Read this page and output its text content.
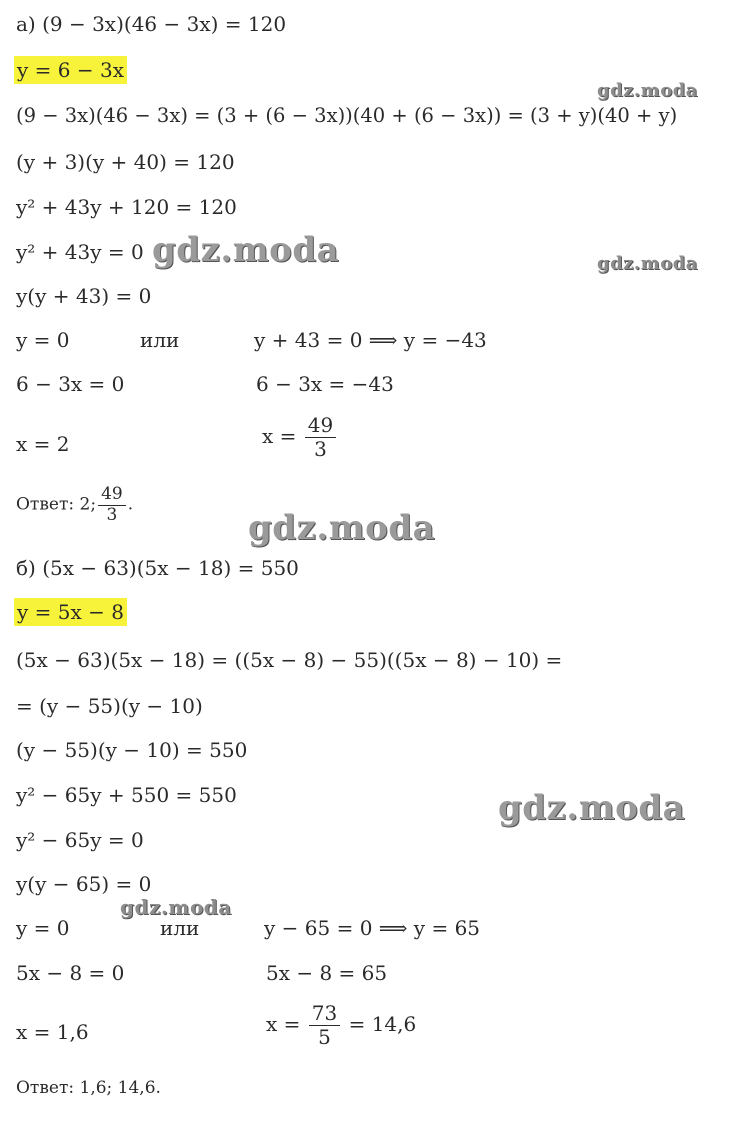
а) (9 − 3x)(46 − 3x) = 120
y = 6 − 3x
(9 − 3x)(46 − 3x) = (3 + (6 − 3x))(40 + (6 − 3x)) = (3 + y)(40 + y)
(y + 3)(y + 40) = 120
y² + 43y + 120 = 120
y² + 43y = 0
y(y + 43) = 0
y = 0	или	y + 43 = 0 ⟹ y = −43
6 − 3x = 0	6 − 3x = −43
x = 2	$x = \frac{49}{3}$
Ответ: 2; $\frac{49}{3}$ .
б) (5x − 63)(5x − 18) = 550
y = 5x − 8
(5x − 63)(5x − 18) = ((5x − 8) − 55)((5x − 8) − 10) =
= (y − 55)(y − 10)
(y − 55)(y − 10) = 550
y² − 65y + 550 = 550
y² − 65y = 0
y(y − 65) = 0
y = 0	или	y − 65 = 0 ⟹ y = 65
5x − 8 = 0	5x − 8 = 65
x = 1,6	$x = \frac{73}{5} = 14,6$
Ответ: 1,6; 14,6.
gdz.moda
gdz.moda	gdz.moda
gdz.moda
gdz.moda
gdz.moda
